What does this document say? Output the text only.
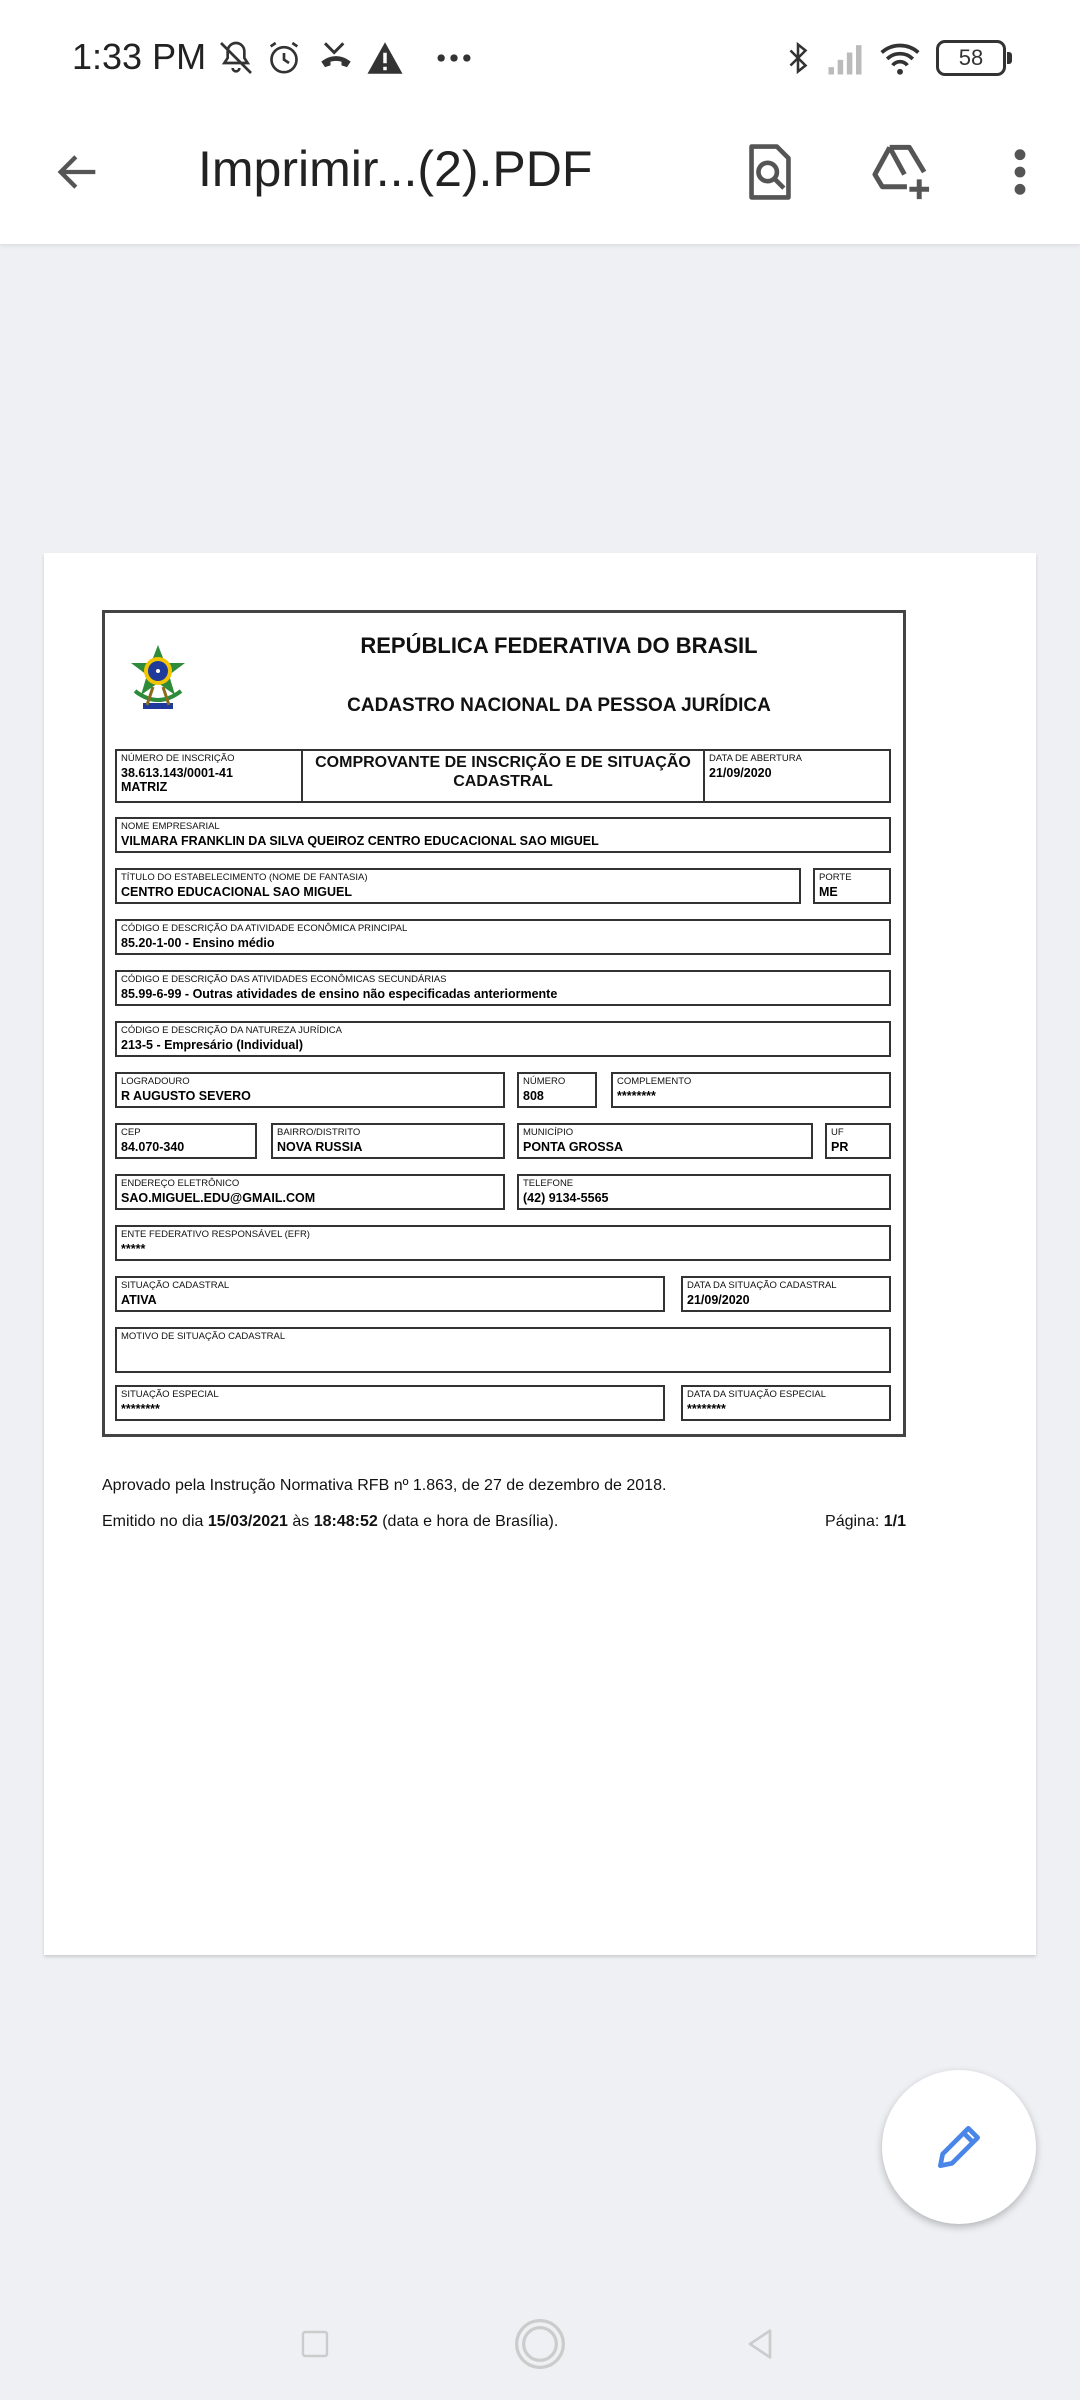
1:33 PM	58
Imprimir...(2).PDF
REPÚBLICA FEDERATIVA DO BRASIL
CADASTRO NACIONAL DA PESSOA JURÍDICA
NÚMERO DE INSCRIÇÃO
38.613.143/0001-41
MATRIZ
COMPROVANTE DE INSCRIÇÃO E DE SITUAÇÃO
CADASTRAL
DATA DE ABERTURA
21/09/2020
NOME EMPRESARIAL
VILMARA FRANKLIN DA SILVA QUEIROZ CENTRO EDUCACIONAL SAO MIGUEL
TÍTULO DO ESTABELECIMENTO (NOME DE FANTASIA)
CENTRO EDUCACIONAL SAO MIGUEL
PORTE
ME
CÓDIGO E DESCRIÇÃO DA ATIVIDADE ECONÔMICA PRINCIPAL
85.20-1-00 - Ensino médio
CÓDIGO E DESCRIÇÃO DAS ATIVIDADES ECONÔMICAS SECUNDÁRIAS
85.99-6-99 - Outras atividades de ensino não especificadas anteriormente
CÓDIGO E DESCRIÇÃO DA NATUREZA JURÍDICA
213-5 - Empresário (Individual)
LOGRADOURO
R AUGUSTO SEVERO
NÚMERO
808
COMPLEMENTO
********
CEP
84.070-340
BAIRRO/DISTRITO
NOVA RUSSIA
MUNICÍPIO
PONTA GROSSA
UF
PR
ENDEREÇO ELETRÔNICO
SAO.MIGUEL.EDU@GMAIL.COM
TELEFONE
(42) 9134-5565
ENTE FEDERATIVO RESPONSÁVEL (EFR)
*****
SITUAÇÃO CADASTRAL
ATIVA
DATA DA SITUAÇÃO CADASTRAL
21/09/2020
MOTIVO DE SITUAÇÃO CADASTRAL
SITUAÇÃO ESPECIAL
********
DATA DA SITUAÇÃO ESPECIAL
********
Aprovado pela Instrução Normativa RFB nº 1.863, de 27 de dezembro de 2018.
Emitido no dia 15/03/2021 às 18:48:52 (data e hora de Brasília).	Página: 1/1
